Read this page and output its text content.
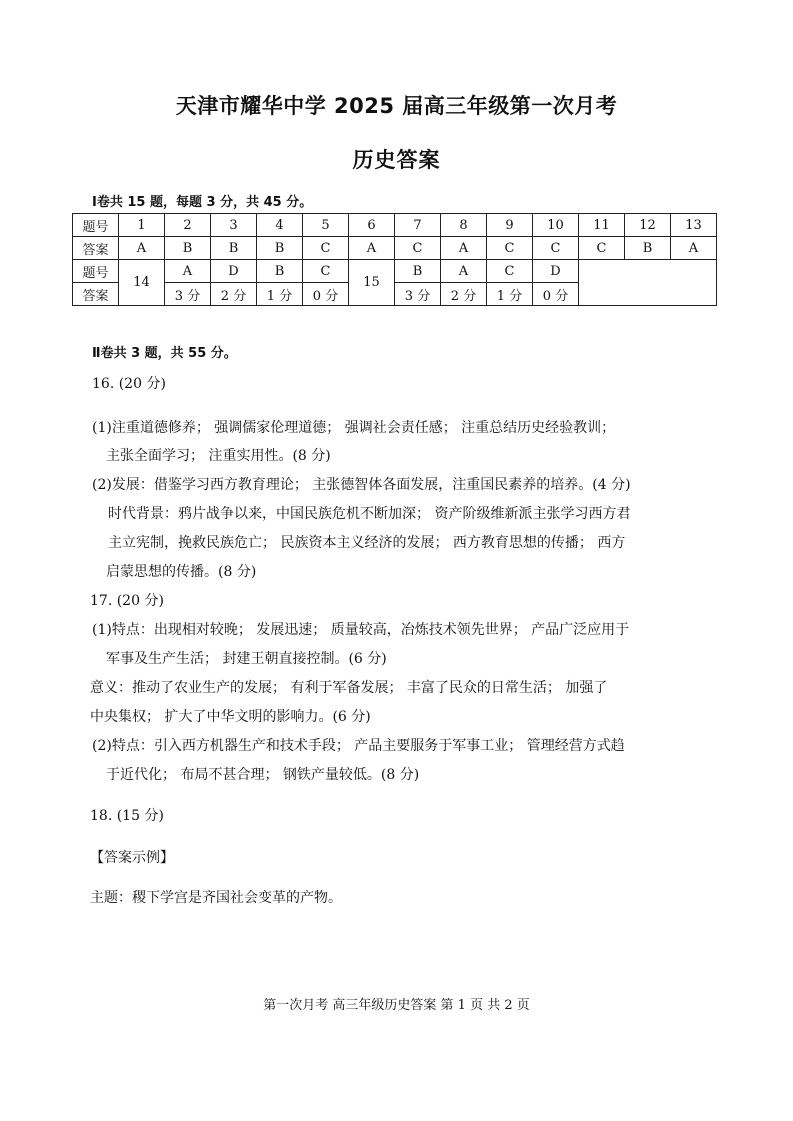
天津市耀华中学 2025 届高三年级第一次月考
历史答案
Ⅰ卷共 15 题，每题 3 分，共 45 分。
题号	1	2	3	4	5	6	7	8	9	10	11	12	13
答案	A	B	B	B	C	A	C	A	C	C	C	B	A
题号	14	A	D	B	C	15	B	A	C	D			
答案		3 分	2 分	1 分	0 分		3 分	2 分	1 分	0 分			
Ⅱ卷共 3 题，共 55 分。
16. (20 分)
(1)注重道德修养； 强调儒家伦理道德； 强调社会责任感； 注重总结历史经验教训；
主张全面学习； 注重实用性。(8 分)
(2)发展：借鉴学习西方教育理论； 主张德智体各面发展，注重国民素养的培养。(4 分)
时代背景：鸦片战争以来，中国民族危机不断加深； 资产阶级维新派主张学习西方君
主立宪制，挽救民族危亡； 民族资本主义经济的发展； 西方教育思想的传播； 西方
启蒙思想的传播。(8 分)
17. (20 分)
(1)特点：出现相对较晚； 发展迅速； 质量较高，冶炼技术领先世界； 产品广泛应用于
军事及生产生活； 封建王朝直接控制。(6 分)
意义：推动了农业生产的发展； 有利于军备发展； 丰富了民众的日常生活； 加强了
中央集权； 扩大了中华文明的影响力。(6 分)
(2)特点：引入西方机器生产和技术手段； 产品主要服务于军事工业； 管理经营方式趋
于近代化； 布局不甚合理； 钢铁产量较低。(8 分)
18. (15 分)
【答案示例】
主题：稷下学宫是齐国社会变革的产物。
第一次月考 高三年级历史答案 第 1 页 共 2 页
